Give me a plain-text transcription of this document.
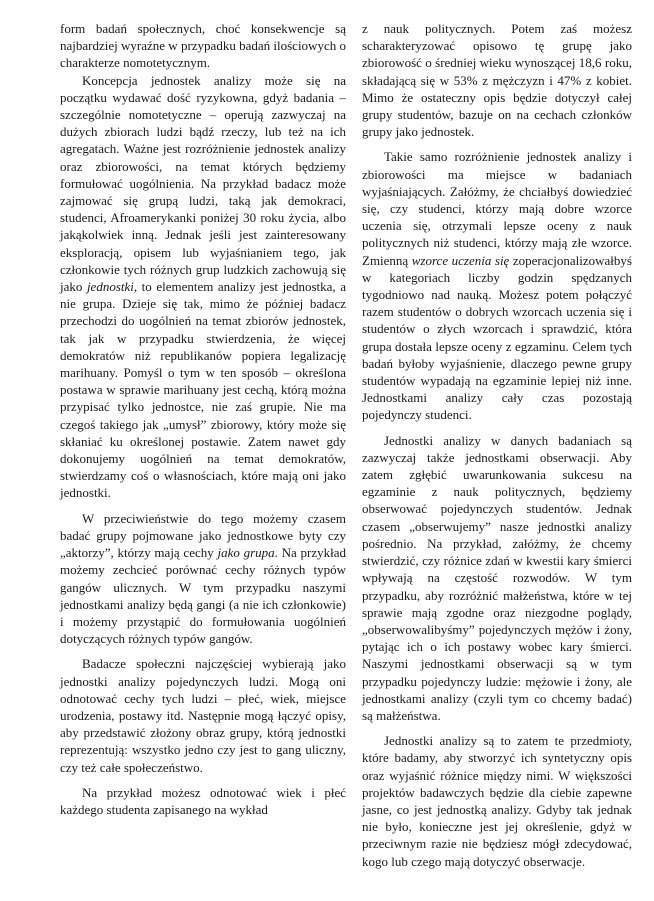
form badań społecznych, choć konsekwencje są najbardziej wyraźne w przypadku badań ilościowych o charakterze nomotetycznym.

Koncepcja jednostek analizy może się na początku wydawać dość ryzykowna, gdyż badania – szczególnie nomotetyczne – operują zazwyczaj na dużych zbiorach ludzi bądź rzeczy, lub też na ich agregatach. Ważne jest rozróżnienie jednostek analizy oraz zbiorowości, na temat których będziemy formułować uogólnienia. Na przykład badacz może zajmować się grupą ludzi, taką jak demokraci, studenci, Afroamerykanki poniżej 30 roku życia, albo jakąkolwiek inną. Jednak jeśli jest zainteresowany eksploracją, opisem lub wyjaśnianiem tego, jak członkowie tych różnych grup ludzkich zachowują się jako jednostki, to elementem analizy jest jednostka, a nie grupa. Dzieje się tak, mimo że później badacz przechodzi do uogólnień na temat zbiorów jednostek, tak jak w przypadku stwierdzenia, że więcej demokratów niż republikanów popiera legalizację marihuany. Pomyśl o tym w ten sposób – określona postawa w sprawie marihuany jest cechą, którą można przypisać tylko jednostce, nie zaś grupie. Nie ma czegoś takiego jak „umysł” zbiorowy, który może się skłaniać ku określonej postawie. Zatem nawet gdy dokonujemy uogólnień na temat demokratów, stwierdzamy coś o własnościach, które mają oni jako jednostki.

W przeciwieństwie do tego możemy czasem badać grupy pojmowane jako jednostkowe byty czy „aktorzy”, którzy mają cechy jako grupa. Na przykład możemy zechcieć porównać cechy różnych typów gangów ulicznych. W tym przypadku naszymi jednostkami analizy będą gangi (a nie ich członkowie) i możemy przystąpić do formułowania uogólnień dotyczących różnych typów gangów.

Badacze społeczni najczęściej wybierają jako jednostki analizy pojedynczych ludzi. Mogą oni odnotować cechy tych ludzi – płeć, wiek, miejsce urodzenia, postawy itd. Następnie mogą łączyć opisy, aby przedstawić złożony obraz grupy, którą jednostki reprezentują: wszystko jedno czy jest to gang uliczny, czy też całe społeczeństwo.

Na przykład możesz odnotować wiek i płeć każdego studenta zapisanego na wykład

z nauk politycznych. Potem zaś możesz scharakteryzować opisowo tę grupę jako zbiorowość o średniej wieku wynoszącej 18,6 roku, składającą się w 53% z mężczyzn i 47% z kobiet. Mimo że ostateczny opis będzie dotyczył całej grupy studentów, bazuje on na cechach członków grupy jako jednostek.

Takie samo rozróżnienie jednostek analizy i zbiorowości ma miejsce w badaniach wyjaśniających. Załóżmy, że chciałbyś dowiedzieć się, czy studenci, którzy mają dobre wzorce uczenia się, otrzymali lepsze oceny z nauk politycznych niż studenci, którzy mają złe wzorce. Zmienną wzorce uczenia się zoperacjonalizowałbyś w kategoriach liczby godzin spędzanych tygodniowo nad nauką. Możesz potem połączyć razem studentów o dobrych wzorcach uczenia się i studentów o złych wzorcach i sprawdzić, która grupa dostała lepsze oceny z egzaminu. Celem tych badań byłoby wyjaśnienie, dlaczego pewne grupy studentów wypadają na egzaminie lepiej niż inne. Jednostkami analizy cały czas pozostają pojedynczy studenci.

Jednostki analizy w danych badaniach są zazwyczaj także jednostkami obserwacji. Aby zatem zgłębić uwarunkowania sukcesu na egzaminie z nauk politycznych, będziemy obserwować pojedynczych studentów. Jednak czasem „obserwujemy” nasze jednostki analizy pośrednio. Na przykład, załóżmy, że chcemy stwierdzić, czy różnice zdań w kwestii kary śmierci wpływają na częstość rozwodów. W tym przypadku, aby rozróżnić małżeństwa, które w tej sprawie mają zgodne oraz niezgodne poglądy, „obserwowalibyśmy” pojedynczych mężów i żony, pytając ich o ich postawy wobec kary śmierci. Naszymi jednostkami obserwacji są w tym przypadku pojedynczy ludzie: mężowie i żony, ale jednostkami analizy (czyli tym co chcemy badać) są małżeństwa.

Jednostki analizy są to zatem te przedmioty, które badamy, aby stworzyć ich syntetyczny opis oraz wyjaśnić różnice między nimi. W większości projektów badawczych będzie dla ciebie zapewne jasne, co jest jednostką analizy. Gdyby tak jednak nie było, konieczne jest jej określenie, gdyż w przeciwnym razie nie będziesz mógł zdecydować, kogo lub czego mają dotyczyć obserwacje.
